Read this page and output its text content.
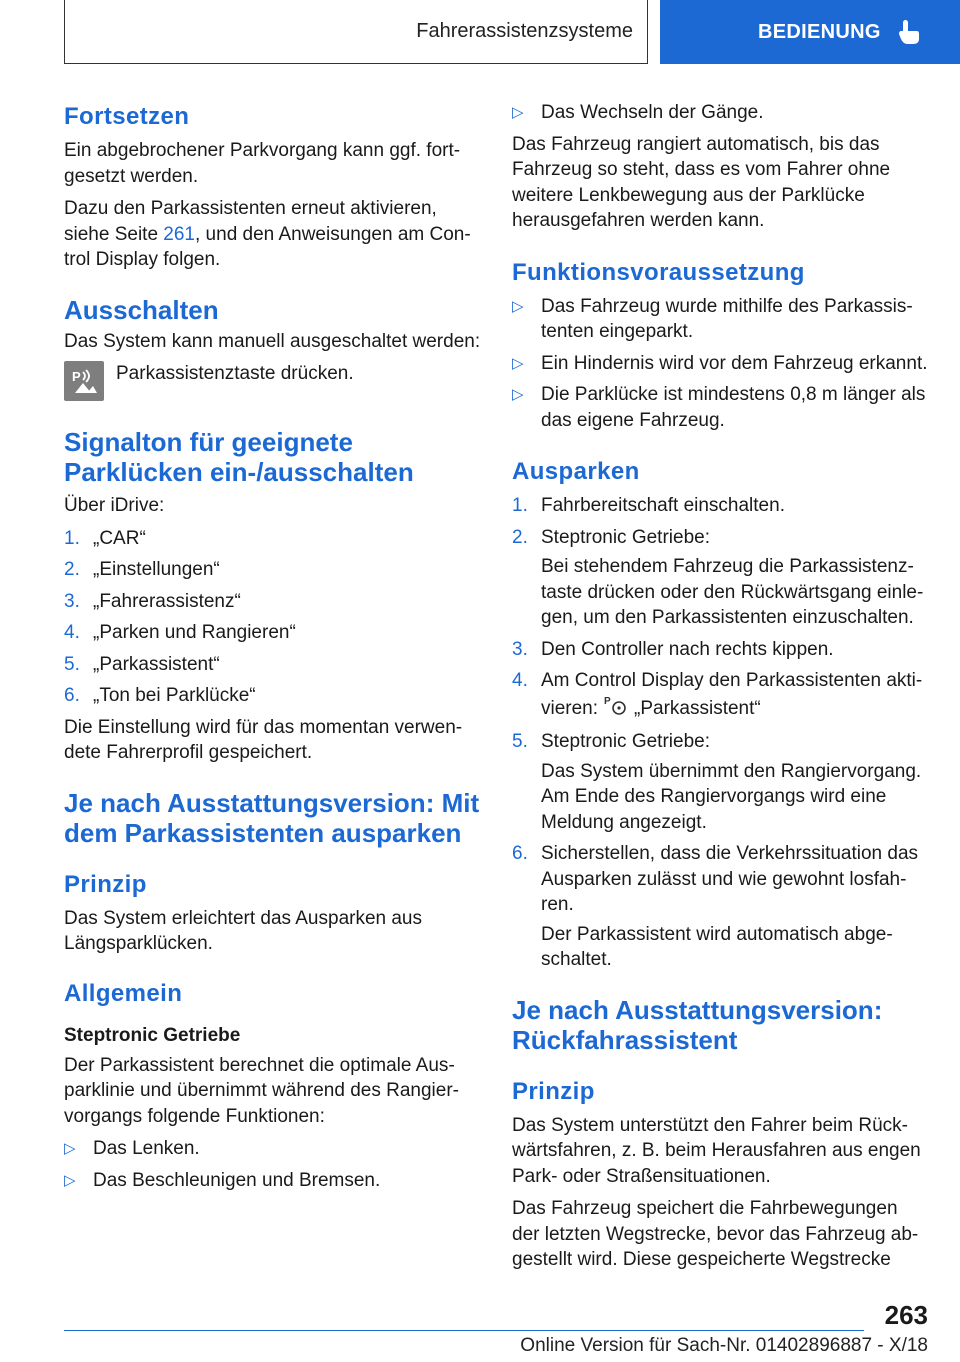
Fahrerassistenzsysteme	BEDIENUNG
Fortsetzen

Ein abgebrochener Parkvorgang kann ggf. fortgesetzt werden.

Dazu den Parkassistenten erneut aktivieren, siehe Seite 261, und den Anweisungen am Control Display folgen.

Ausschalten

Das System kann manuell ausgeschaltet werden:

P Parkassistenztaste drücken.
Signalton für geeignete Parklücken ein-/ausschalten

Über iDrive:

1. „CAR“
2. „Einstellungen“
3. „Fahrerassistenz“
4. „Parken und Rangieren“
5. „Parkassistent“
6. „Ton bei Parklücke“

Die Einstellung wird für das momentan verwendete Fahrerprofil gespeichert.

Je nach Ausstattungsversion: Mit dem Parkassistenten ausparken
Prinzip

Das System erleichtert das Ausparken aus Längsparklücken.

Allgemein
Steptronic Getriebe

Der Parkassistent berechnet die optimale Ausparklinie und übernimmt während des Rangiervorgangs folgende Funktionen:

▷ Das Lenken.
▷ Das Beschleunigen und Bremsen.
▷ Das Wechseln der Gänge.

Das Fahrzeug rangiert automatisch, bis das Fahrzeug so steht, dass es vom Fahrer ohne weitere Lenkbewegung aus der Parklücke herausgefahren werden kann.

Funktionsvoraussetzung
▷ Das Fahrzeug wurde mithilfe des Parkassistenten eingeparkt.
▷ Ein Hindernis wird vor dem Fahrzeug erkannt.
▷ Die Parklücke ist mindestens 0,8 m länger als das eigene Fahrzeug.
Ausparken
1. Fahrbereitschaft einschalten.
2. Steptronic Getriebe:

Bei stehendem Fahrzeug die Parkassistenztaste drücken oder den Rückwärtsgang einlegen, um den Parkassistenten einzuschalten.

3. Den Controller nach rechts kippen.
4. Am Control Display den Parkassistenten aktivieren: P „Parkassistent“
5. Steptronic Getriebe:

Das System übernimmt den Rangiervorgang. Am Ende des Rangiervorgangs wird eine Meldung angezeigt.

6. Sicherstellen, dass die Verkehrssituation das Ausparken zulässt und wie gewohnt losfahren.

Der Parkassistent wird automatisch abgeschaltet.

Je nach Ausstattungsversion: Rückfahrassistent
Prinzip

Das System unterstützt den Fahrer beim Rückwärtsfahren, z. B. beim Herausfahren aus engen Park- oder Straßensituationen.

Das Fahrzeug speichert die Fahrbewegungen der letzten Wegstrecke, bevor das Fahrzeug abgestellt wird. Diese gespeicherte Wegstrecke

263
Online Version für Sach-Nr. 01402896887 - X/18
